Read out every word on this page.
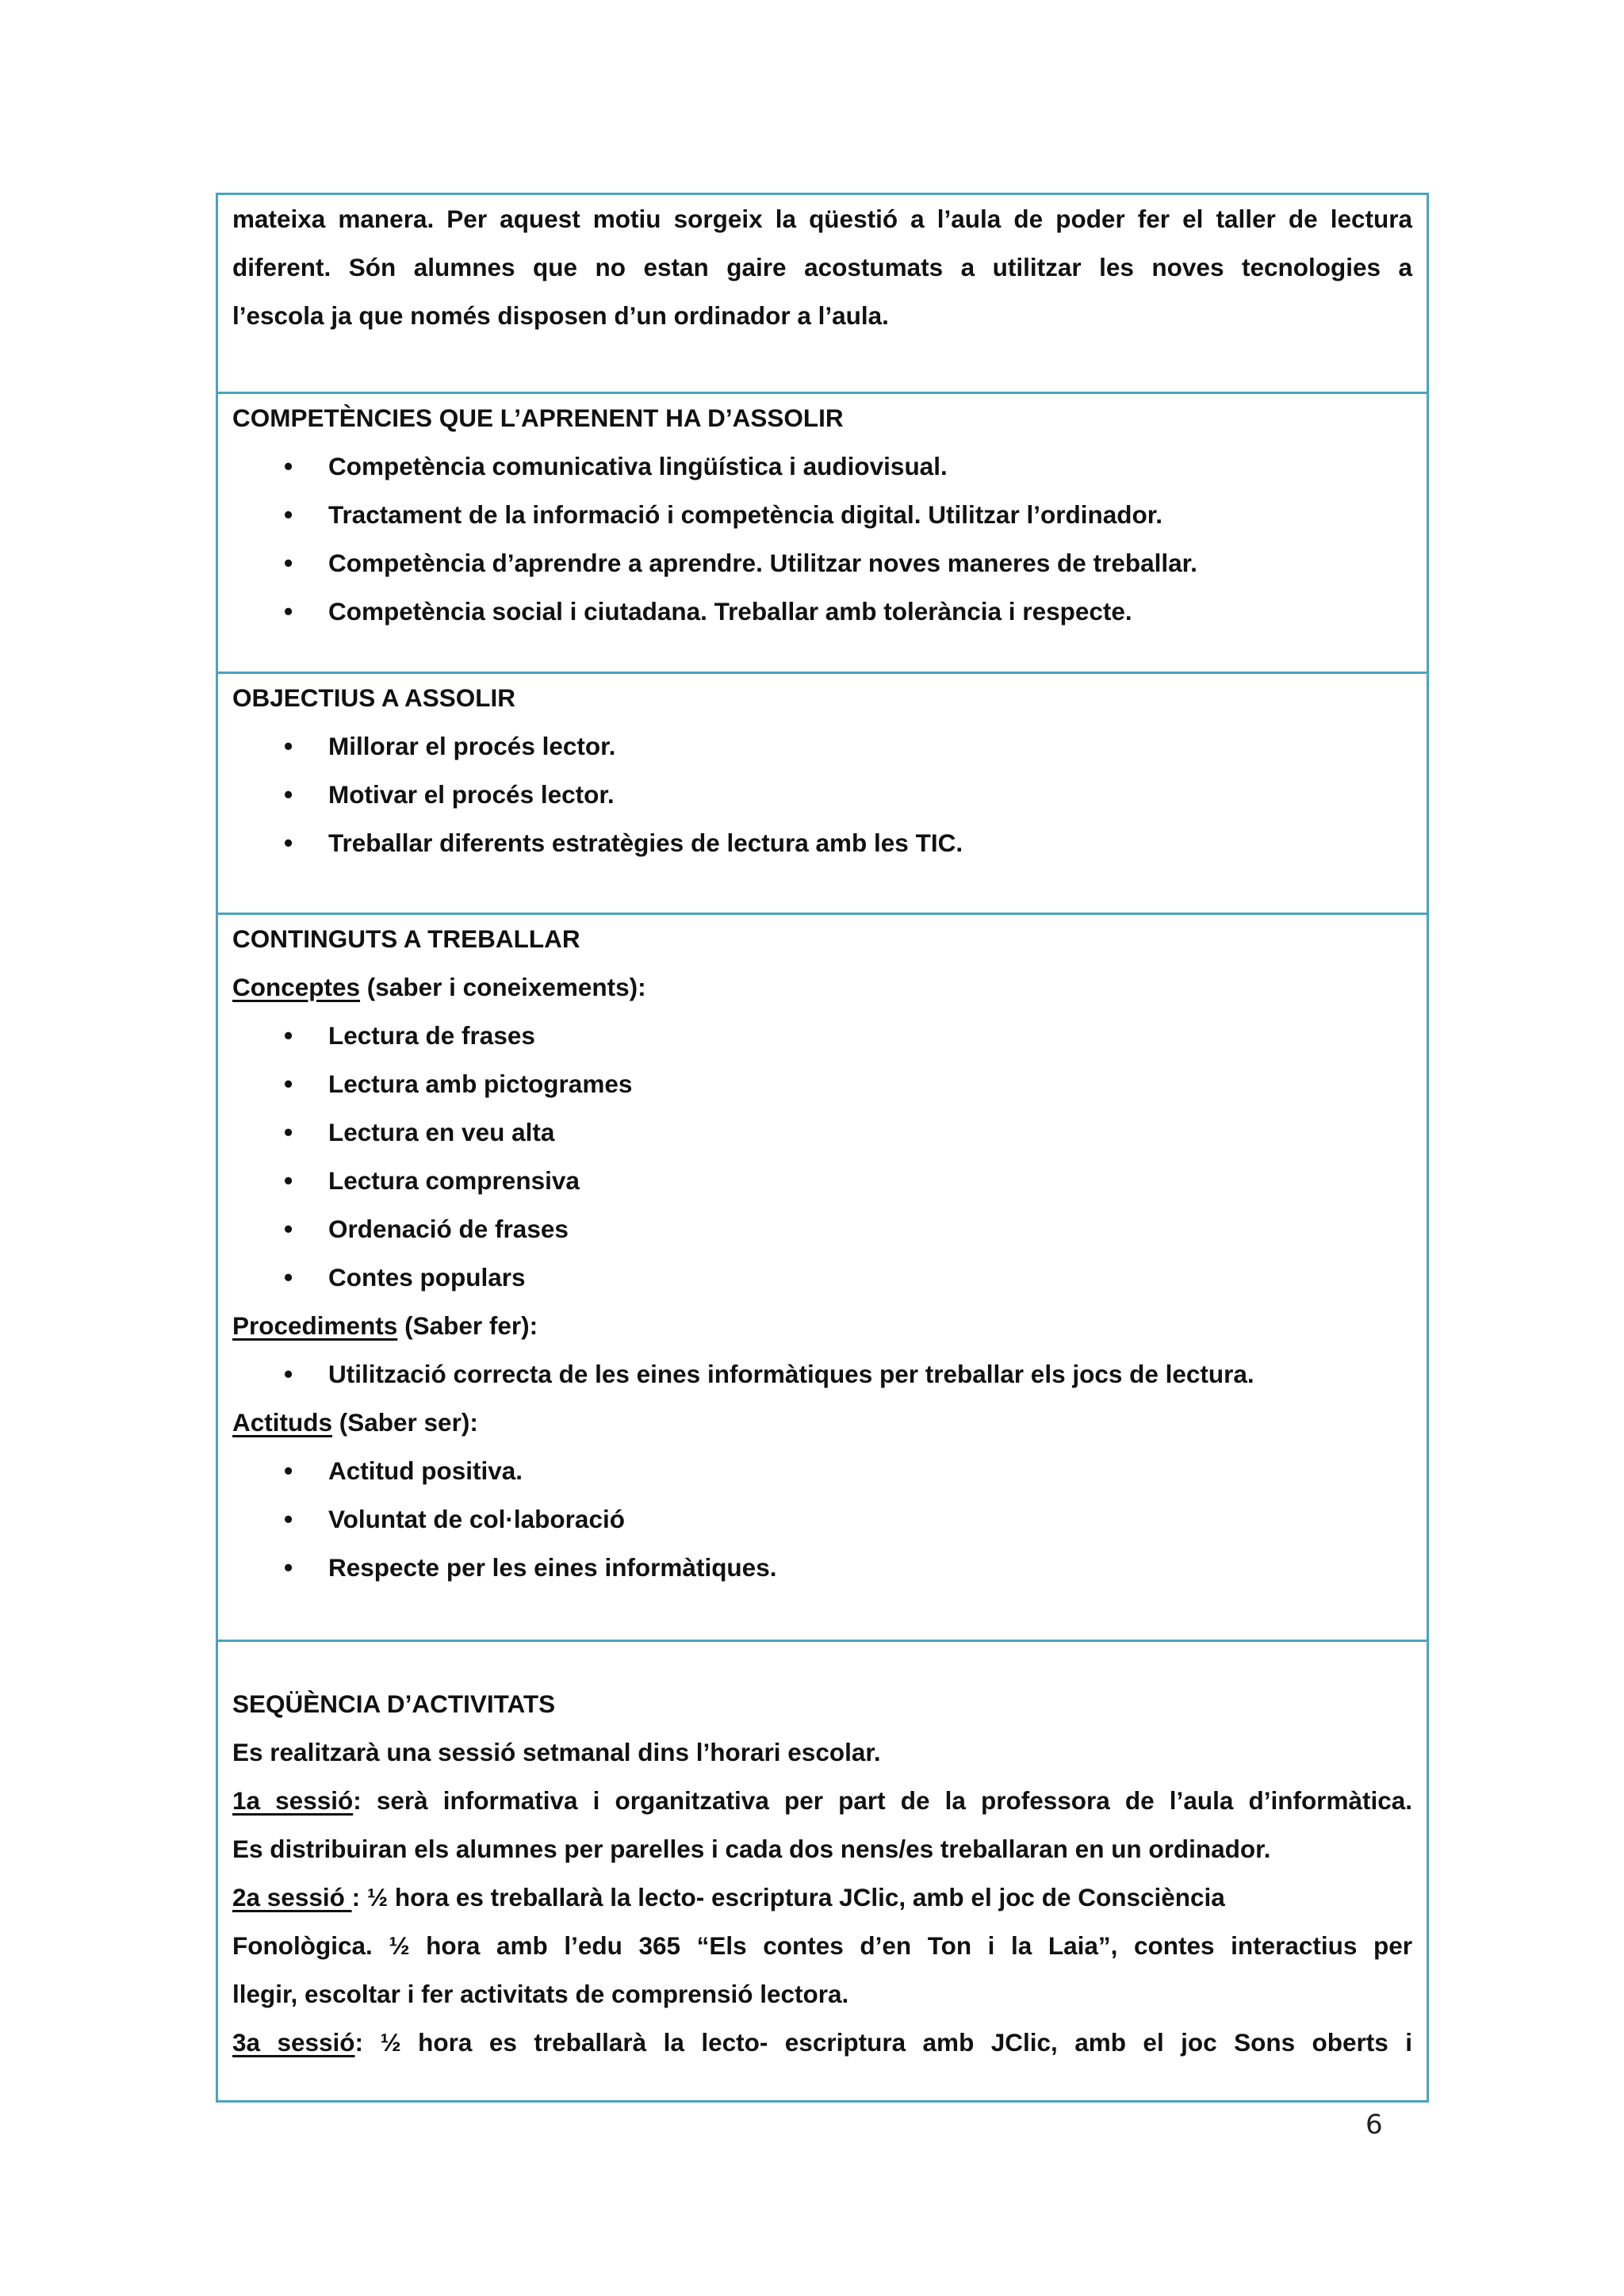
mateixa manera. Per aquest motiu sorgeix la qüestió a l’aula de poder fer el taller de lectura
diferent. Són alumnes que no estan gaire acostumats a utilitzar les noves tecnologies a
l’escola ja que només disposen d’un ordinador a l’aula.

COMPETÈNCIES QUE L’APRENENT HA D’ASSOLIR
• Competència comunicativa lingüística i audiovisual.
• Tractament de la informació i competència digital. Utilitzar l’ordinador.
• Competència d’aprendre a aprendre. Utilitzar noves maneres de treballar.
• Competència social i ciutadana. Treballar amb tolerància i respecte.

OBJECTIUS A ASSOLIR
• Millorar el procés lector.
• Motivar el procés lector.
• Treballar diferents estratègies de lectura amb les TIC.

CONTINGUTS A TREBALLAR
Conceptes (saber i coneixements):
• Lectura de frases
• Lectura amb pictogrames
• Lectura en veu alta
• Lectura comprensiva
• Ordenació de frases
• Contes populars
Procediments (Saber fer):
• Utilització correcta de les eines informàtiques per treballar els jocs de lectura.
Actituds (Saber ser):
• Actitud positiva.
• Voluntat de col·laboració
• Respecte per les eines informàtiques.

SEQÜÈNCIA D’ACTIVITATS
Es realitzarà una sessió setmanal dins l’horari escolar.
1a sessió: serà informativa i organitzativa per part de la professora de l’aula d’informàtica.
Es distribuiran els alumnes per parelles i cada dos nens/es treballaran en un ordinador.
2a sessió : ½ hora es treballarà la lecto- escriptura JClic, amb el joc de Consciència
Fonològica. ½ hora amb l’edu 365 “Els contes d’en Ton i la Laia”, contes interactius per
llegir, escoltar i fer activitats de comprensió lectora.
3a sessió: ½ hora es treballarà la lecto- escriptura amb JClic, amb el joc Sons oberts i
6
